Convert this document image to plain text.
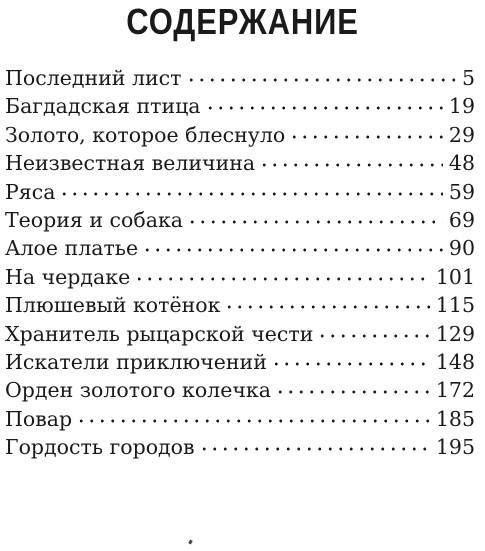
СОДЕРЖАНИЕ
Последний лист	5
Багдадская птица	19
Золото, которое блеснуло	29
Неизвестная величина	48
Ряса	59
Теория и собака	69
Алое платье	90
На чердаке	101
Плюшевый котёнок	115
Хранитель рыцарской чести	129
Искатели приключений	148
Орден золотого колечка	172
Повар	185
Гордость городов	195
